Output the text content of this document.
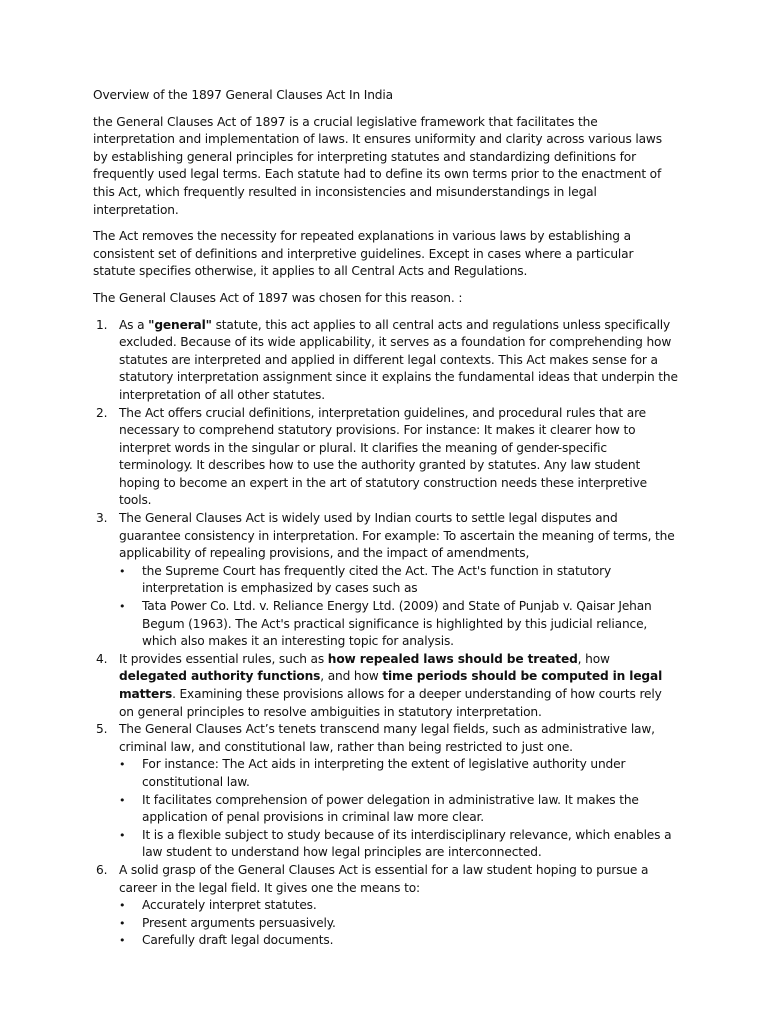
Overview of the 1897 General Clauses Act In India

the General Clauses Act of 1897 is a crucial legislative framework that facilitates the interpretation and implementation of laws. It ensures uniformity and clarity across various laws by establishing general principles for interpreting statutes and standardizing definitions for frequently used legal terms. Each statute had to define its own terms prior to the enactment of this Act, which frequently resulted in inconsistencies and misunderstandings in legal interpretation.

The Act removes the necessity for repeated explanations in various laws by establishing a consistent set of definitions and interpretive guidelines. Except in cases where a particular statute specifies otherwise, it applies to all Central Acts and Regulations.

The General Clauses Act of 1897 was chosen for this reason. :

1. As a "general" statute, this act applies to all central acts and regulations unless specifically excluded. Because of its wide applicability, it serves as a foundation for comprehending how statutes are interpreted and applied in different legal contexts. This Act makes sense for a statutory interpretation assignment since it explains the fundamental ideas that underpin the interpretation of all other statutes.
2. The Act offers crucial definitions, interpretation guidelines, and procedural rules that are necessary to comprehend statutory provisions. For instance: It makes it clearer how to interpret words in the singular or plural. It clarifies the meaning of gender-specific terminology. It describes how to use the authority granted by statutes. Any law student hoping to become an expert in the art of statutory construction needs these interpretive tools.
3. The General Clauses Act is widely used by Indian courts to settle legal disputes and guarantee consistency in interpretation. For example: To ascertain the meaning of terms, the applicability of repealing provisions, and the impact of amendments,
• the Supreme Court has frequently cited the Act. The Act's function in statutory interpretation is emphasized by cases such as
• Tata Power Co. Ltd. v. Reliance Energy Ltd. (2009) and State of Punjab v. Qaisar Jehan Begum (1963). The Act's practical significance is highlighted by this judicial reliance, which also makes it an interesting topic for analysis.
4. It provides essential rules, such as how repealed laws should be treated, how delegated authority functions, and how time periods should be computed in legal matters. Examining these provisions allows for a deeper understanding of how courts rely on general principles to resolve ambiguities in statutory interpretation.
5. The General Clauses Act’s tenets transcend many legal fields, such as administrative law, criminal law, and constitutional law, rather than being restricted to just one.
• For instance: The Act aids in interpreting the extent of legislative authority under constitutional law.
• It facilitates comprehension of power delegation in administrative law. It makes the application of penal provisions in criminal law more clear.
• It is a flexible subject to study because of its interdisciplinary relevance, which enables a law student to understand how legal principles are interconnected.
6. A solid grasp of the General Clauses Act is essential for a law student hoping to pursue a career in the legal field. It gives one the means to:
• Accurately interpret statutes.
• Present arguments persuasively.
• Carefully draft legal documents.
